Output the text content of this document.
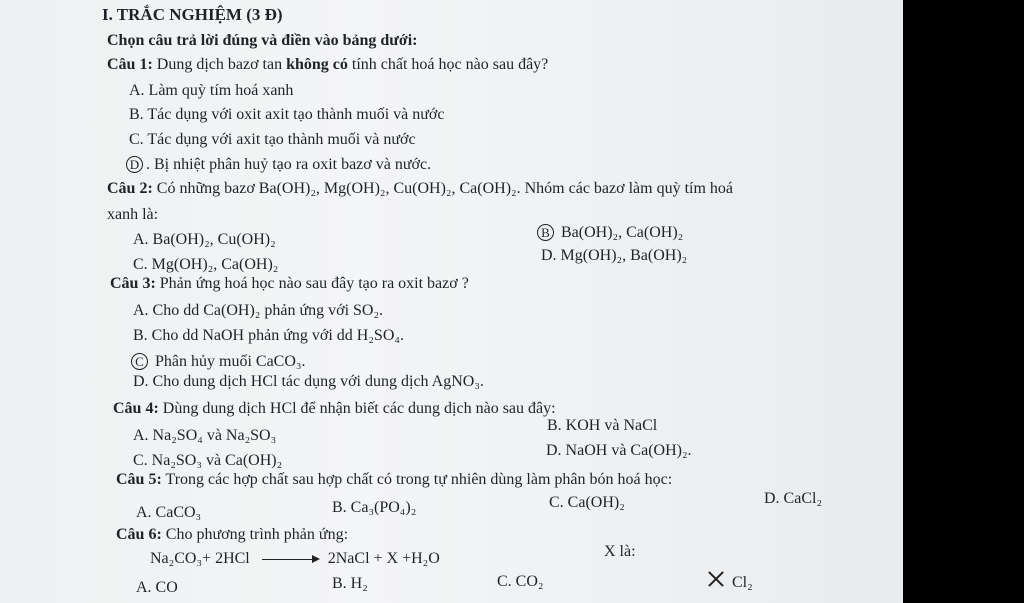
I. TRẮC NGHIỆM (3 Đ)
Chọn câu trả lời đúng và điền vào bảng dưới:
Câu 1: Dung dịch bazơ tan không có tính chất hoá học nào sau đây?
A. Làm quỳ tím hoá xanh
B. Tác dụng với oxit axit tạo thành muối và nước
C. Tác dụng với axit tạo thành muối và nước
D . Bị nhiệt phân huỷ tạo ra oxit bazơ và nước.
Câu 2: Có những bazơ Ba(OH)₂, Mg(OH)₂, Cu(OH)₂, Ca(OH)₂. Nhóm các bazơ làm quỳ tím hoá
xanh là:
A. Ba(OH)₂, Cu(OH)₂	B Ba(OH)₂, Ca(OH)₂
C. Mg(OH)₂, Ca(OH)₂
D. Mg(OH)₂, Ba(OH)₂
Câu 3: Phản ứng hoá học nào sau đây tạo ra oxit bazơ ?
A. Cho dd Ca(OH)₂ phản ứng với SO₂.
B. Cho dd NaOH phản ứng với dd H₂SO₄.
C Phân hủy muối CaCO₃.
D. Cho dung dịch HCl tác dụng với dung dịch AgNO₃.
Câu 4: Dùng dung dịch HCl để nhận biết các dung dịch nào sau đây:
A. Na₂SO₄ và Na₂SO₃
B. KOH và NaCl
C. Na₂SO₃ và Ca(OH)₂
D. NaOH và Ca(OH)₂.
Câu 5: Trong các hợp chất sau hợp chất có trong tự nhiên dùng làm phân bón hoá học:
A. CaCO₃	B. Ca₃(PO₄)₂	C. Ca(OH)₂	D. CaCl₂
Câu 6: Cho phương trình phản ứng:
Na₂CO₃+ 2HCl → 2NaCl + X +H₂O	X là:
A. CO	B. H₂	C. CO₂	Cl₂
